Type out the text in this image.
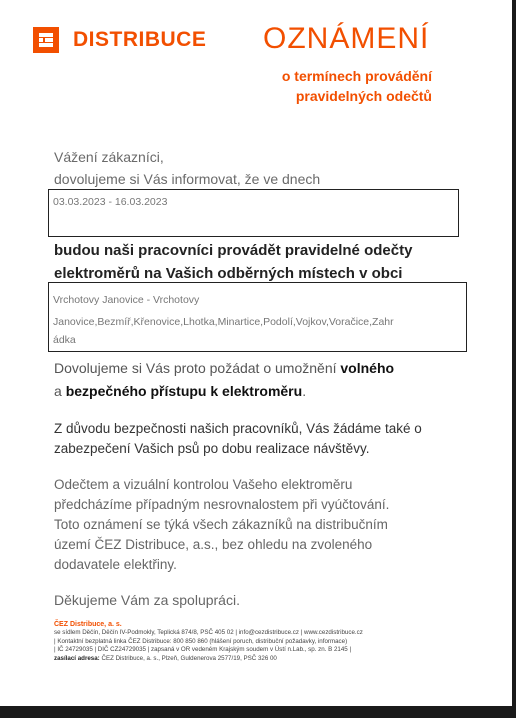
DISTRIBUCE OZNÁMENÍ
o termínech provádění
pravidelných odečtů
Vážení zákazníci,
dovolujeme si Vás informovat, že ve dnech
03.03.2023 - 16.03.2023
budou naši pracovníci provádět pravidelné odečty
elektroměrů na Vašich odběrných místech v obci
Vrchotovy Janovice - Vrchotovy
Janovice,Bezmíř,Křenovice,Lhotka,Minartice,Podolí,Vojkov,Voračice,Zahr
ádka
Dovolujeme si Vás proto požádat o umožnění volného
a bezpečného přístupu k elektroměru.
Z důvodu bezpečnosti našich pracovníků, Vás žádáme také o
zabezpečení Vašich psů po dobu realizace návštěvy.
Odečtem a vizuální kontrolou Vašeho elektroměru
předcházíme případným nesrovnalostem při vyúčtování.
Toto oznámení se týká všech zákazníků na distribučním
území ČEZ Distribuce, a.s., bez ohledu na zvoleného
dodavatele elektřiny.
Děkujeme Vám za spolupráci.
ČEZ Distribuce, a. s.
se sídlem Děčín, Děčín IV-Podmokly, Teplická 874/8, PSČ 405 02 | info@cezdistribuce.cz | www.cezdistribuce.cz
| Kontaktní bezplatná linka ČEZ Distribuce: 800 850 860 (hlášení poruch, distribuční požadavky, informace)
| IČ 24729035 | DIČ CZ24729035 | zapsaná v OR vedeném Krajským soudem v Ústí n.Lab., sp. zn. B 2145 |
zasílací adresa: ČEZ Distribuce, a. s., Plzeň, Guldenerova 2577/19, PSČ 326 00
